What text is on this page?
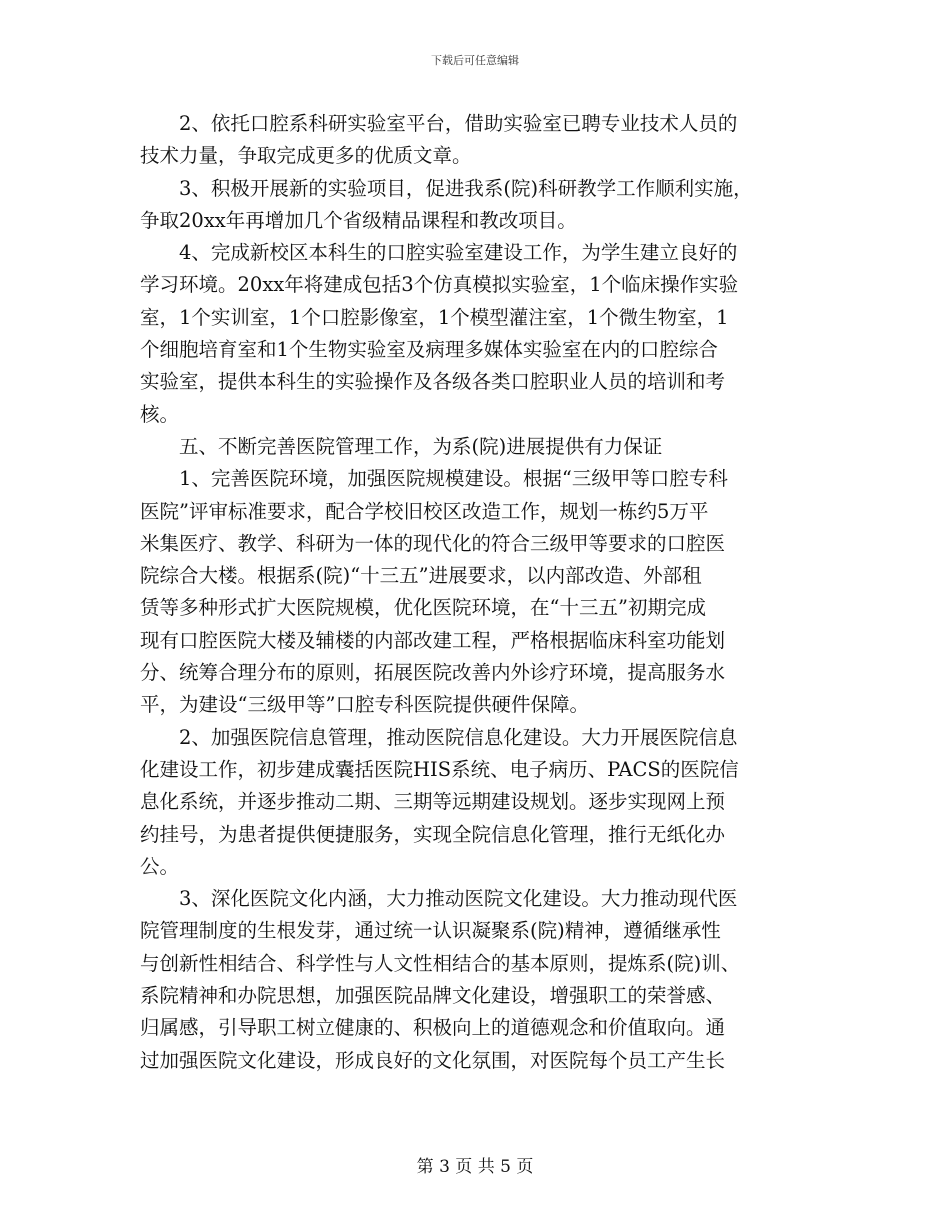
下载后可任意编辑
　　2、依托口腔系科研实验室平台，借助实验室已聘专业技术人员的
技术力量，争取完成更多的优质文章。
　　3、积极开展新的实验项目，促进我系(院)科研教学工作顺利实施，
争取20xx年再增加几个省级精品课程和教改项目。
　　4、完成新校区本科生的口腔实验室建设工作，为学生建立良好的
学习环境。20xx年将建成包括3个仿真模拟实验室，1个临床操作实验
室，1个实训室，1个口腔影像室，1个模型灌注室，1个微生物室，1
个细胞培育室和1个生物实验室及病理多媒体实验室在内的口腔综合
实验室，提供本科生的实验操作及各级各类口腔职业人员的培训和考
核。
　　五、不断完善医院管理工作，为系(院)进展提供有力保证
　　1、完善医院环境，加强医院规模建设。根据“三级甲等口腔专科
医院”评审标准要求，配合学校旧校区改造工作，规划一栋约5万平
米集医疗、教学、科研为一体的现代化的符合三级甲等要求的口腔医
院综合大楼。根据系(院)“十三五”进展要求，以内部改造、外部租
赁等多种形式扩大医院规模，优化医院环境，在“十三五”初期完成
现有口腔医院大楼及辅楼的内部改建工程，严格根据临床科室功能划
分、统筹合理分布的原则，拓展医院改善内外诊疗环境，提高服务水
平，为建设“三级甲等”口腔专科医院提供硬件保障。
　　2、加强医院信息管理，推动医院信息化建设。大力开展医院信息
化建设工作，初步建成囊括医院HIS系统、电子病历、PACS的医院信
息化系统，并逐步推动二期、三期等远期建设规划。逐步实现网上预
约挂号，为患者提供便捷服务，实现全院信息化管理，推行无纸化办
公。
　　3、深化医院文化内涵，大力推动医院文化建设。大力推动现代医
院管理制度的生根发芽，通过统一认识凝聚系(院)精神，遵循继承性
与创新性相结合、科学性与人文性相结合的基本原则，提炼系(院)训、
系院精神和办院思想，加强医院品牌文化建设，增强职工的荣誉感、
归属感，引导职工树立健康的、积极向上的道德观念和价值取向。通
过加强医院文化建设，形成良好的文化氛围，对医院每个员工产生长
第 3 页 共 5 页
